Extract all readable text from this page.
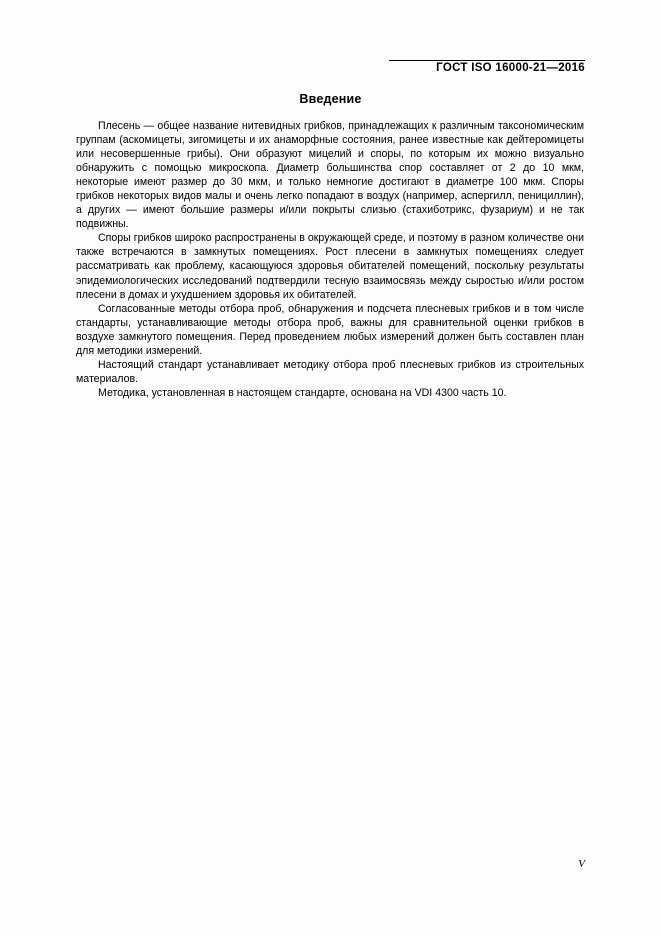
ГОСТ ISO 16000-21—2016
Введение

Плесень — общее название нитевидных грибков, принадлежащих к различным таксономическим группам (аскомицеты, зигомицеты и их анаморфные состояния, ранее известные как дейтеромицеты или несовершенные грибы). Они образуют мицелий и споры, по которым их можно визуально обнаружить с помощью микроскопа. Диаметр большинства спор составляет от 2 до 10 мкм, некоторые имеют размер до 30 мкм, и только немногие достигают в диаметре 100 мкм. Споры грибков некоторых видов малы и очень легко попадают в воздух (например, аспергилл, пенициллин), а других — имеют большие размеры и/или покрыты слизью (стахиботрикс, фузариум) и не так подвижны.

Споры грибков широко распространены в окружающей среде, и поэтому в разном количестве они также встречаются в замкнутых помещениях. Рост плесени в замкнутых помещениях следует рассматривать как проблему, касающуюся здоровья обитателей помещений, поскольку результаты эпидемиологических исследований подтвердили тесную взаимосвязь между сыростью и/или ростом плесени в домах и ухудшением здоровья их обитателей.

Согласованные методы отбора проб, обнаружения и подсчета плесневых грибков и в том числе стандарты, устанавливающие методы отбора проб, важны для сравнительной оценки грибков в воздухе замкнутого помещения. Перед проведением любых измерений должен быть составлен план для методики измерений.

Настоящий стандарт устанавливает методику отбора проб плесневых грибков из строительных материалов.

Методика, установленная в настоящем стандарте, основана на VDI 4300 часть 10.

V
